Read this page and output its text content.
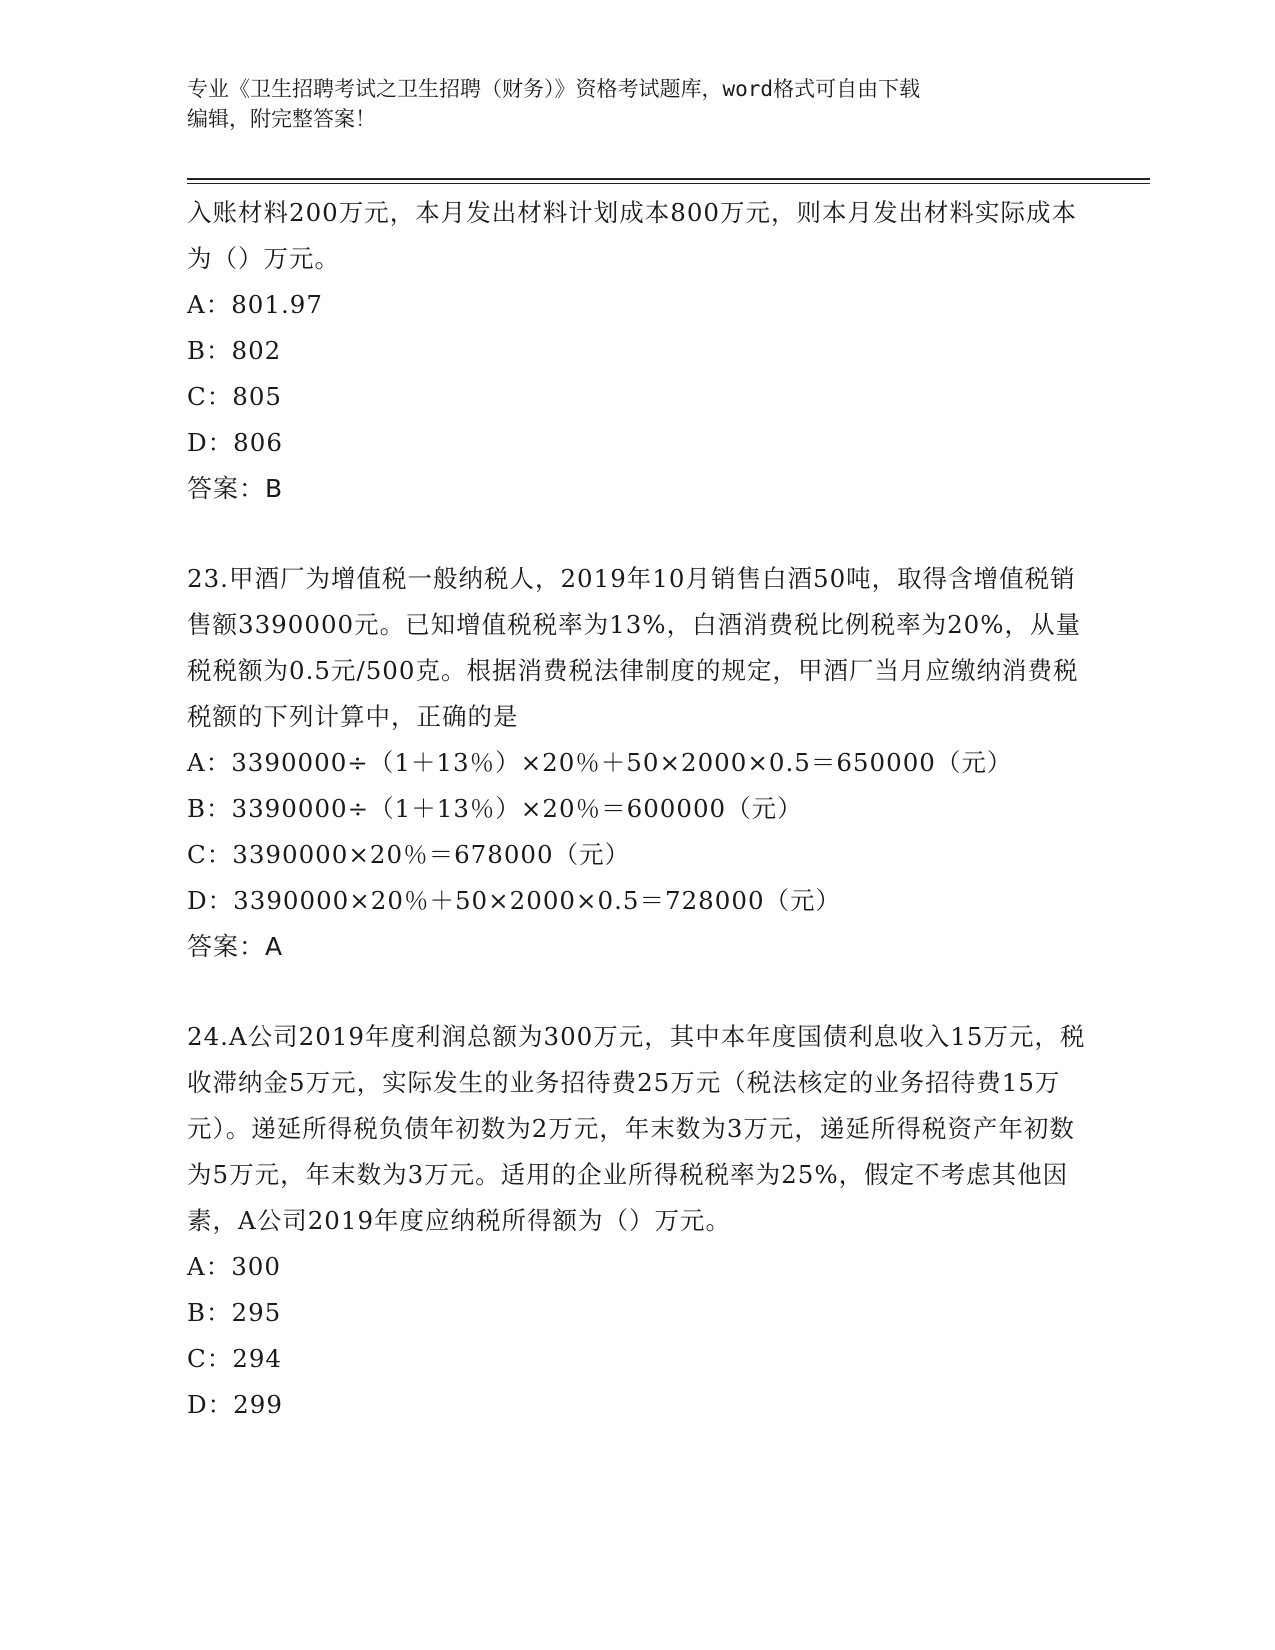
专业《卫生招聘考试之卫生招聘（财务）》资格考试题库，word格式可自由下载
编辑，附完整答案！
入账材料200万元，本月发出材料计划成本800万元，则本月发出材料实际成本为（）万元。
A：801.97
B：802
C：805
D：806
答案：B
23.甲酒厂为增值税一般纳税人，2019年10月销售白酒50吨，取得含增值税销售额3390000元。已知增值税税率为13%，白酒消费税比例税率为20%，从量税税额为0.5元/500克。根据消费税法律制度的规定，甲酒厂当月应缴纳消费税税额的下列计算中，正确的是
A：3390000÷（1＋13％）×20％＋50×2000×0.5＝650000（元）
B：3390000÷（1＋13％）×20％＝600000（元）
C：3390000×20％＝678000（元）
D：3390000×20％＋50×2000×0.5＝728000（元）
答案：A
24.A公司2019年度利润总额为300万元，其中本年度国债利息收入15万元，税收滞纳金5万元，实际发生的业务招待费25万元（税法核定的业务招待费15万元）。递延所得税负债年初数为2万元，年末数为3万元，递延所得税资产年初数为5万元，年末数为3万元。适用的企业所得税税率为25%，假定不考虑其他因素，A公司2019年度应纳税所得额为（）万元。
A：300
B：295
C：294
D：299
